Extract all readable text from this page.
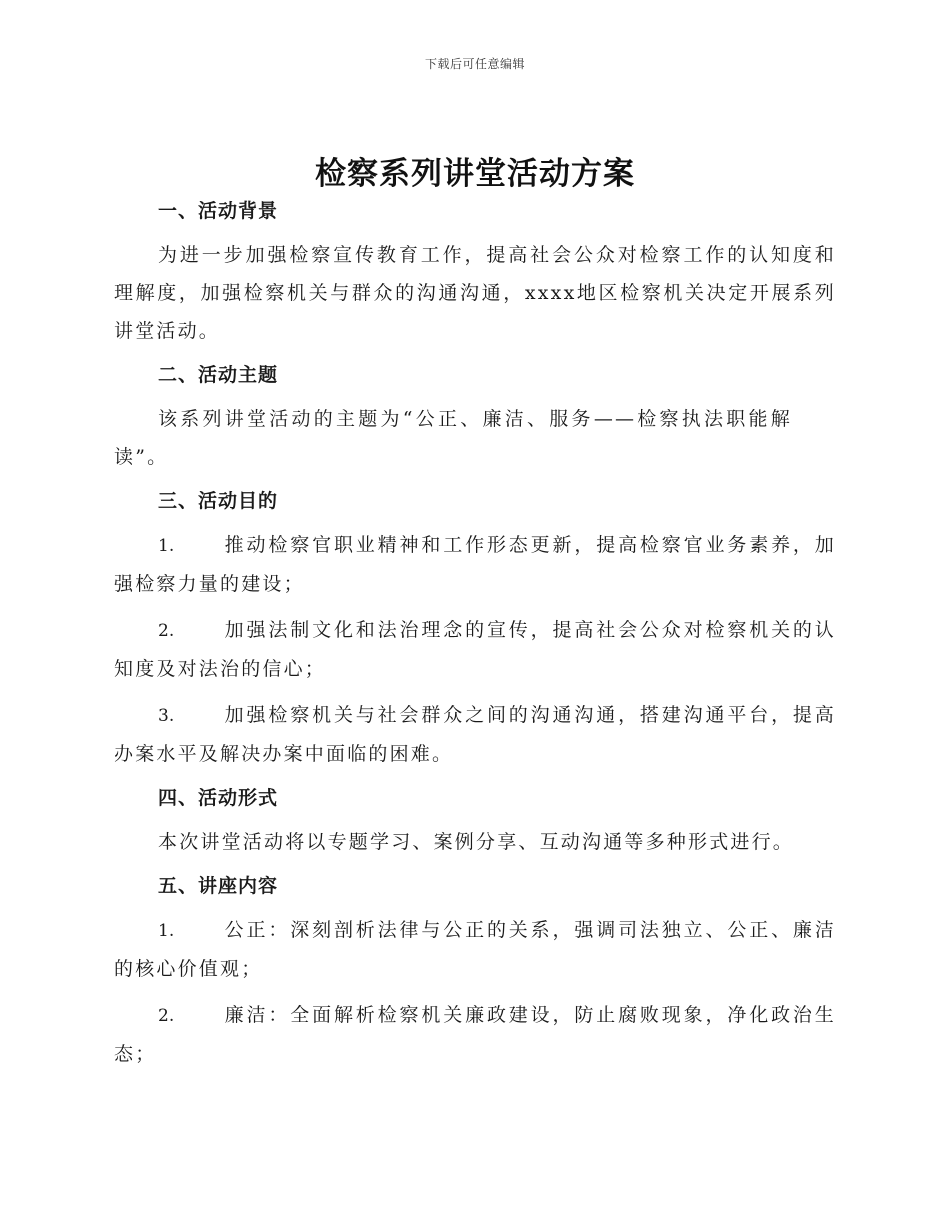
下载后可任意编辑
检察系列讲堂活动方案
一、活动背景

为进一步加强检察宣传教育工作，提高社会公众对检察工作的认知度和理解度，加强检察机关与群众的沟通沟通，xxxx地区检察机关决定开展系列讲堂活动。

二、活动主题

该系列讲堂活动的主题为“公正、廉洁、服务——检察执法职能解读”。

三、活动目的

1.	推动检察官职业精神和工作形态更新，提高检察官业务素养，加强检察力量的建设；

2.	加强法制文化和法治理念的宣传，提高社会公众对检察机关的认知度及对法治的信心；

3.	加强检察机关与社会群众之间的沟通沟通，搭建沟通平台，提高办案水平及解决办案中面临的困难。

四、活动形式

本次讲堂活动将以专题学习、案例分享、互动沟通等多种形式进行。

五、讲座内容

1.	公正：深刻剖析法律与公正的关系，强调司法独立、公正、廉洁的核心价值观；

2.	廉洁：全面解析检察机关廉政建设，防止腐败现象，净化政治生态；
